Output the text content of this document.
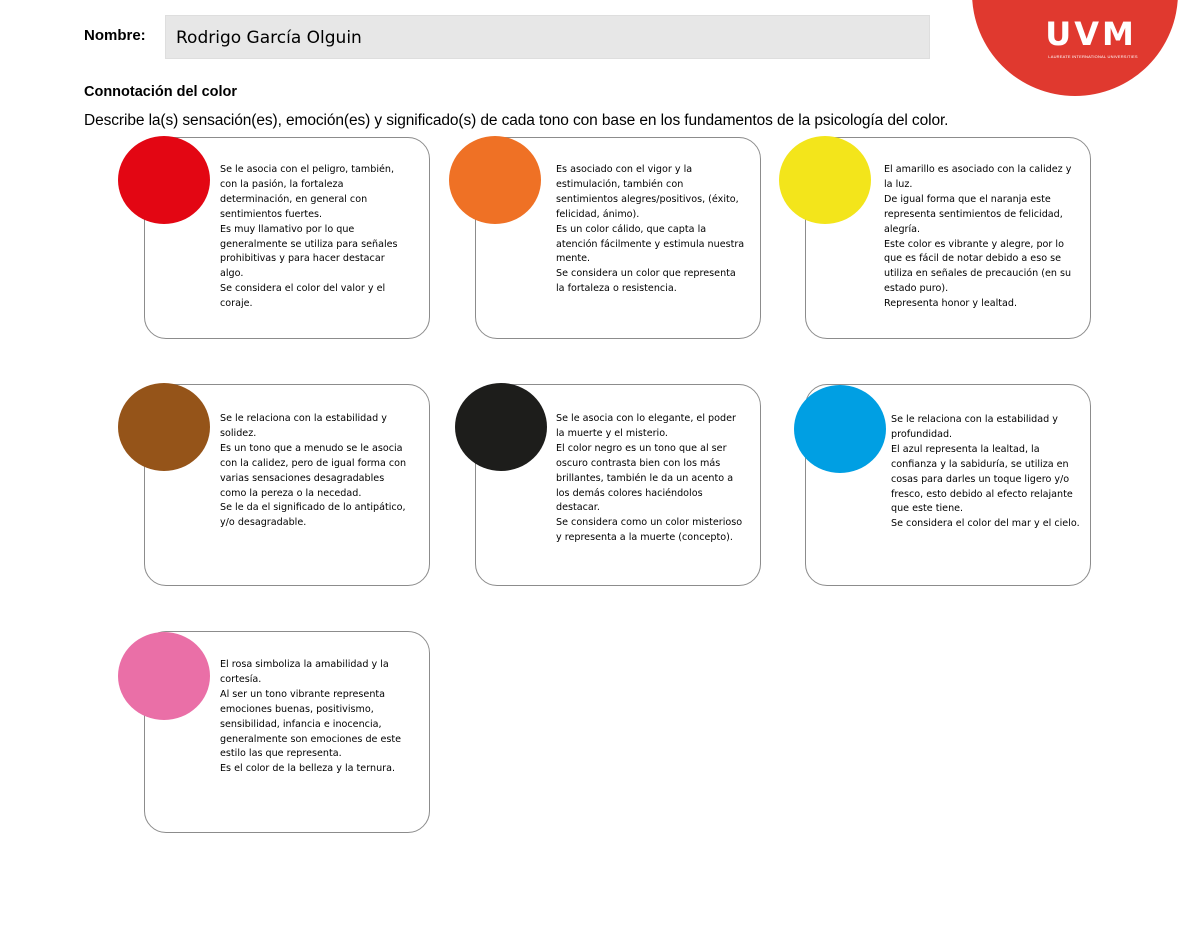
Nombre:	Rodrigo García Olguin	UVM
LAUREATE INTERNATIONAL UNIVERSITIES
Connotación del color
Describe la(s) sensación(es), emoción(es) y significado(s) de cada tono con base en los fundamentos de la psicología del color.
Se le asocia con el peligro, también,
con la pasión, la fortaleza
determinación, en general con
sentimientos fuertes.
Es muy llamativo por lo que
generalmente se utiliza para señales
prohibitivas y para hacer destacar
algo.
Se considera el color del valor y el
coraje.
Es asociado con el vigor y la
estimulación, también con
sentimientos alegres/positivos, (éxito,
felicidad, ánimo).
Es un color cálido, que capta la
atención fácilmente y estimula nuestra
mente.
Se considera un color que representa
la fortaleza o resistencia.
El amarillo es asociado con la calidez y
la luz.
De igual forma que el naranja este
representa sentimientos de felicidad,
alegría.
Este color es vibrante y alegre, por lo
que es fácil de notar debido a eso se
utiliza en señales de precaución (en su
estado puro).
Representa honor y lealtad.
Se le relaciona con la estabilidad y
solidez.
Es un tono que a menudo se le asocia
con la calidez, pero de igual forma con
varias sensaciones desagradables
como la pereza o la necedad.
Se le da el significado de lo antipático,
y/o desagradable.
Se le asocia con lo elegante, el poder
la muerte y el misterio.
El color negro es un tono que al ser
oscuro contrasta bien con los más
brillantes, también le da un acento a
los demás colores haciéndolos
destacar.
Se considera como un color misterioso
y representa a la muerte (concepto).
Se le relaciona con la estabilidad y
profundidad.
El azul representa la lealtad, la
confianza y la sabiduría, se utiliza en
cosas para darles un toque ligero y/o
fresco, esto debido al efecto relajante
que este tiene.
Se considera el color del mar y el cielo.
El rosa simboliza la amabilidad y la
cortesía.
Al ser un tono vibrante representa
emociones buenas, positivismo,
sensibilidad, infancia e inocencia,
generalmente son emociones de este
estilo las que representa.
Es el color de la belleza y la ternura.
